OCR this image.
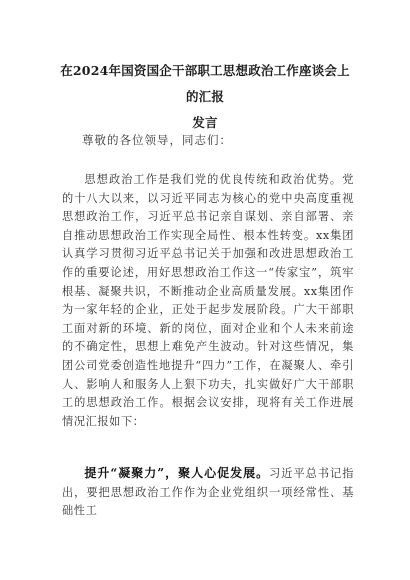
在2024年国资国企干部职工思想政治工作座谈会上的汇报
发言
尊敬的各位领导，同志们：

思想政治工作是我们党的优良传统和政治优势。党的十八大以来，以习近平同志为核心的党中央高度重视思想政治工作，习近平总书记亲自谋划、亲自部署、亲自推动思想政治工作实现全局性、根本性转变。xx集团认真学习贯彻习近平总书记关于加强和改进思想政治工作的重要论述，用好思想政治工作这一“传家宝”，筑牢根基、凝聚共识，不断推动企业高质量发展。xx集团作为一家年轻的企业，正处于起步发展阶段。广大干部职工面对新的环境、新的岗位，面对企业和个人未来前途的不确定性，思想上难免产生波动。针对这些情况，集团公司党委创造性地提升“四力”工作，在凝聚人、牵引人、影响人和服务人上狠下功夫，扎实做好广大干部职工的思想政治工作。根据会议安排，现将有关工作进展情况汇报如下：

提升“凝聚力”，聚人心促发展。习近平总书记指出，要把思想政治工作作为企业党组织一项经常性、基础性工
